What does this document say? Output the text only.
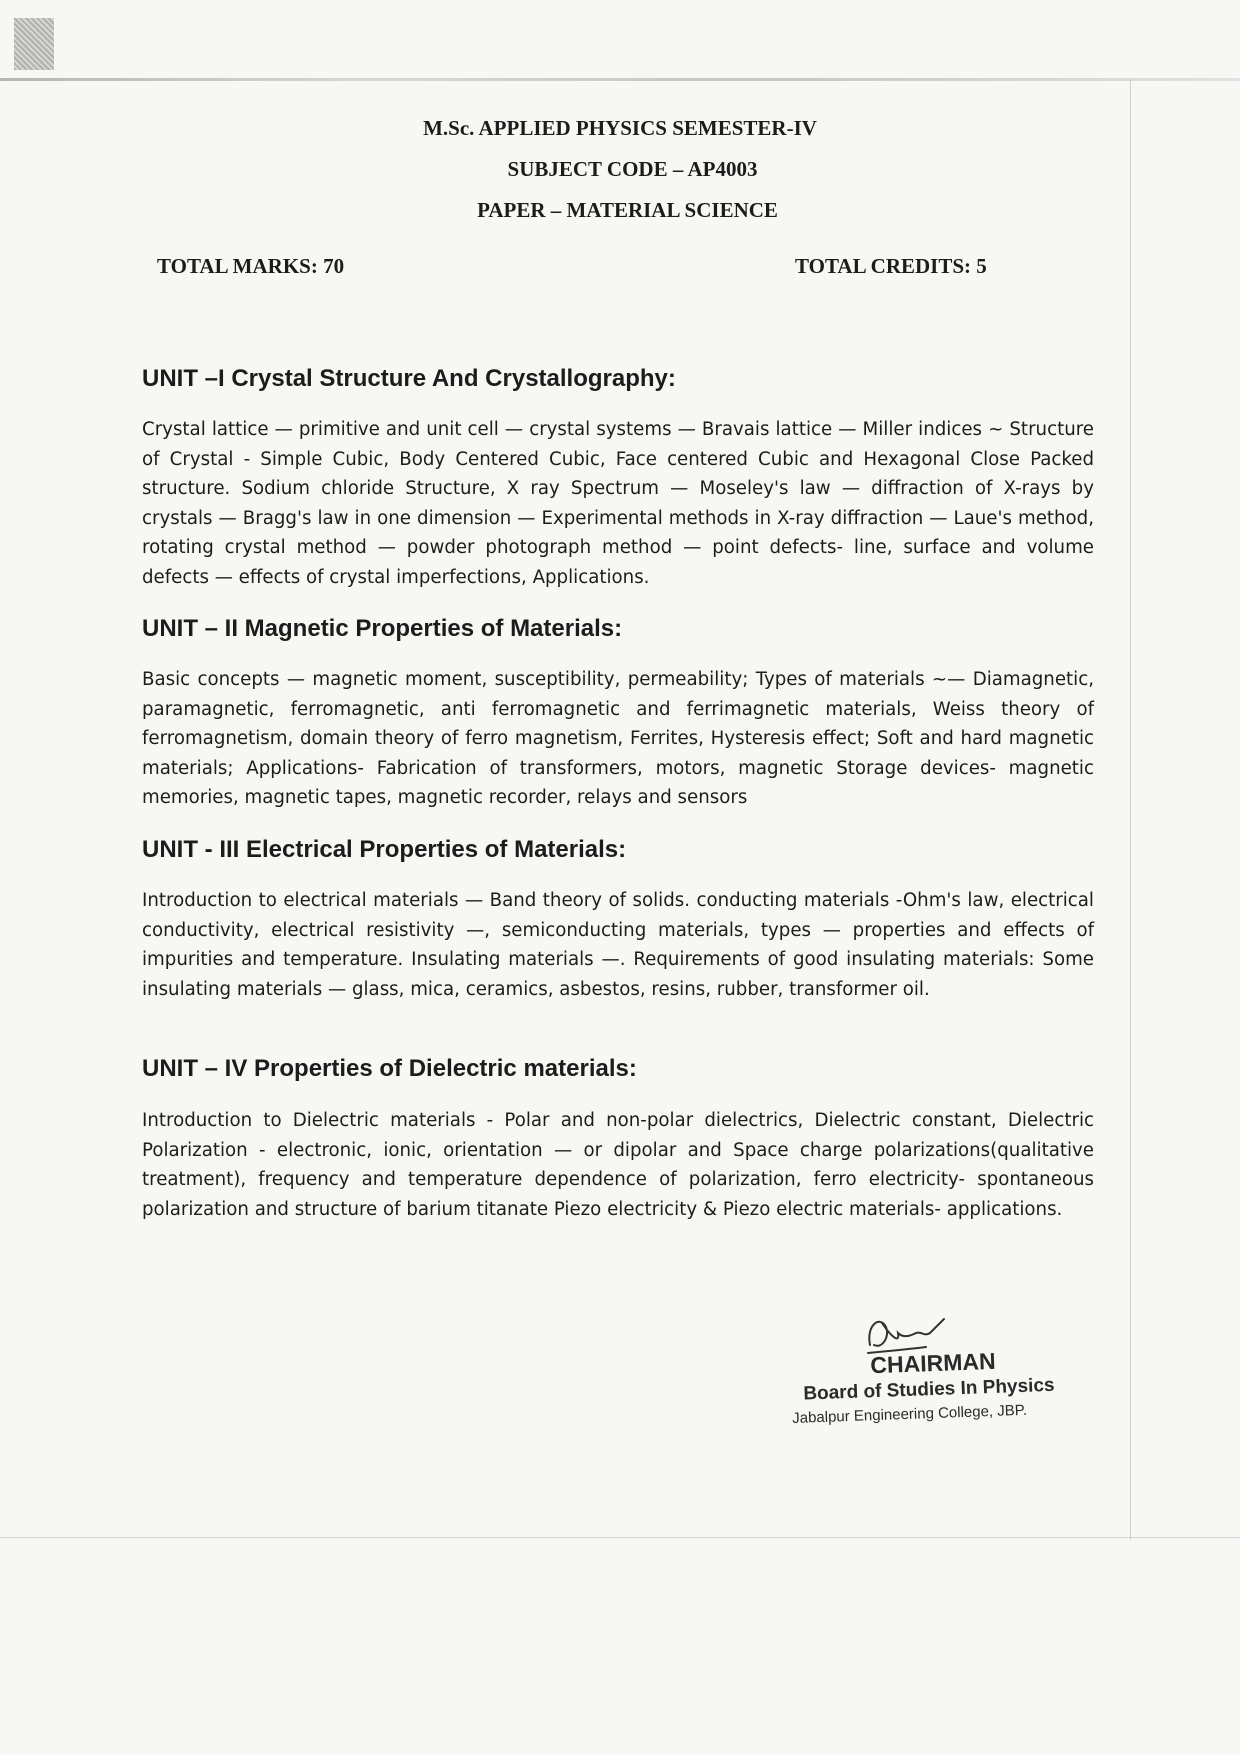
M.Sc. APPLIED PHYSICS SEMESTER-IV
SUBJECT CODE – AP4003
PAPER – MATERIAL SCIENCE
TOTAL MARKS: 70	TOTAL CREDITS: 5
UNIT –I Crystal Structure And Crystallography:

Crystal lattice — primitive and unit cell — crystal systems — Bravais lattice — Miller indices ~ Structure of Crystal - Simple Cubic, Body Centered Cubic, Face centered Cubic and Hexagonal Close Packed structure. Sodium chloride Structure, X ray Spectrum — Moseley's law — diffraction of X-rays by crystals — Bragg's law in one dimension — Experimental methods in X-ray diffraction — Laue's method, rotating crystal method — powder photograph method — point defects- line, surface and volume defects — effects of crystal imperfections, Applications.

UNIT – II Magnetic Properties of Materials:

Basic concepts — magnetic moment, susceptibility, permeability; Types of materials ~— Diamagnetic, paramagnetic, ferromagnetic, anti ferromagnetic and ferrimagnetic materials, Weiss theory of ferromagnetism, domain theory of ferro magnetism, Ferrites, Hysteresis effect; Soft and hard magnetic materials; Applications- Fabrication of transformers, motors, magnetic Storage devices- magnetic memories, magnetic tapes, magnetic recorder, relays and sensors

UNIT - III Electrical Properties of Materials:

Introduction to electrical materials — Band theory of solids. conducting materials -Ohm's law, electrical conductivity, electrical resistivity —, semiconducting materials, types — properties and effects of impurities and temperature. Insulating materials —. Requirements of good insulating materials: Some insulating materials — glass, mica, ceramics, asbestos, resins, rubber, transformer oil.

UNIT – IV Properties of Dielectric materials:

Introduction to Dielectric materials - Polar and non-polar dielectrics, Dielectric constant, Dielectric Polarization - electronic, ionic, orientation — or dipolar and Space charge polarizations(qualitative treatment), frequency and temperature dependence of polarization, ferro electricity- spontaneous polarization and structure of barium titanate Piezo electricity & Piezo electric materials- applications.

CHAIRMAN
Board of Studies In Physics
Jabalpur Engineering College, JBP.
